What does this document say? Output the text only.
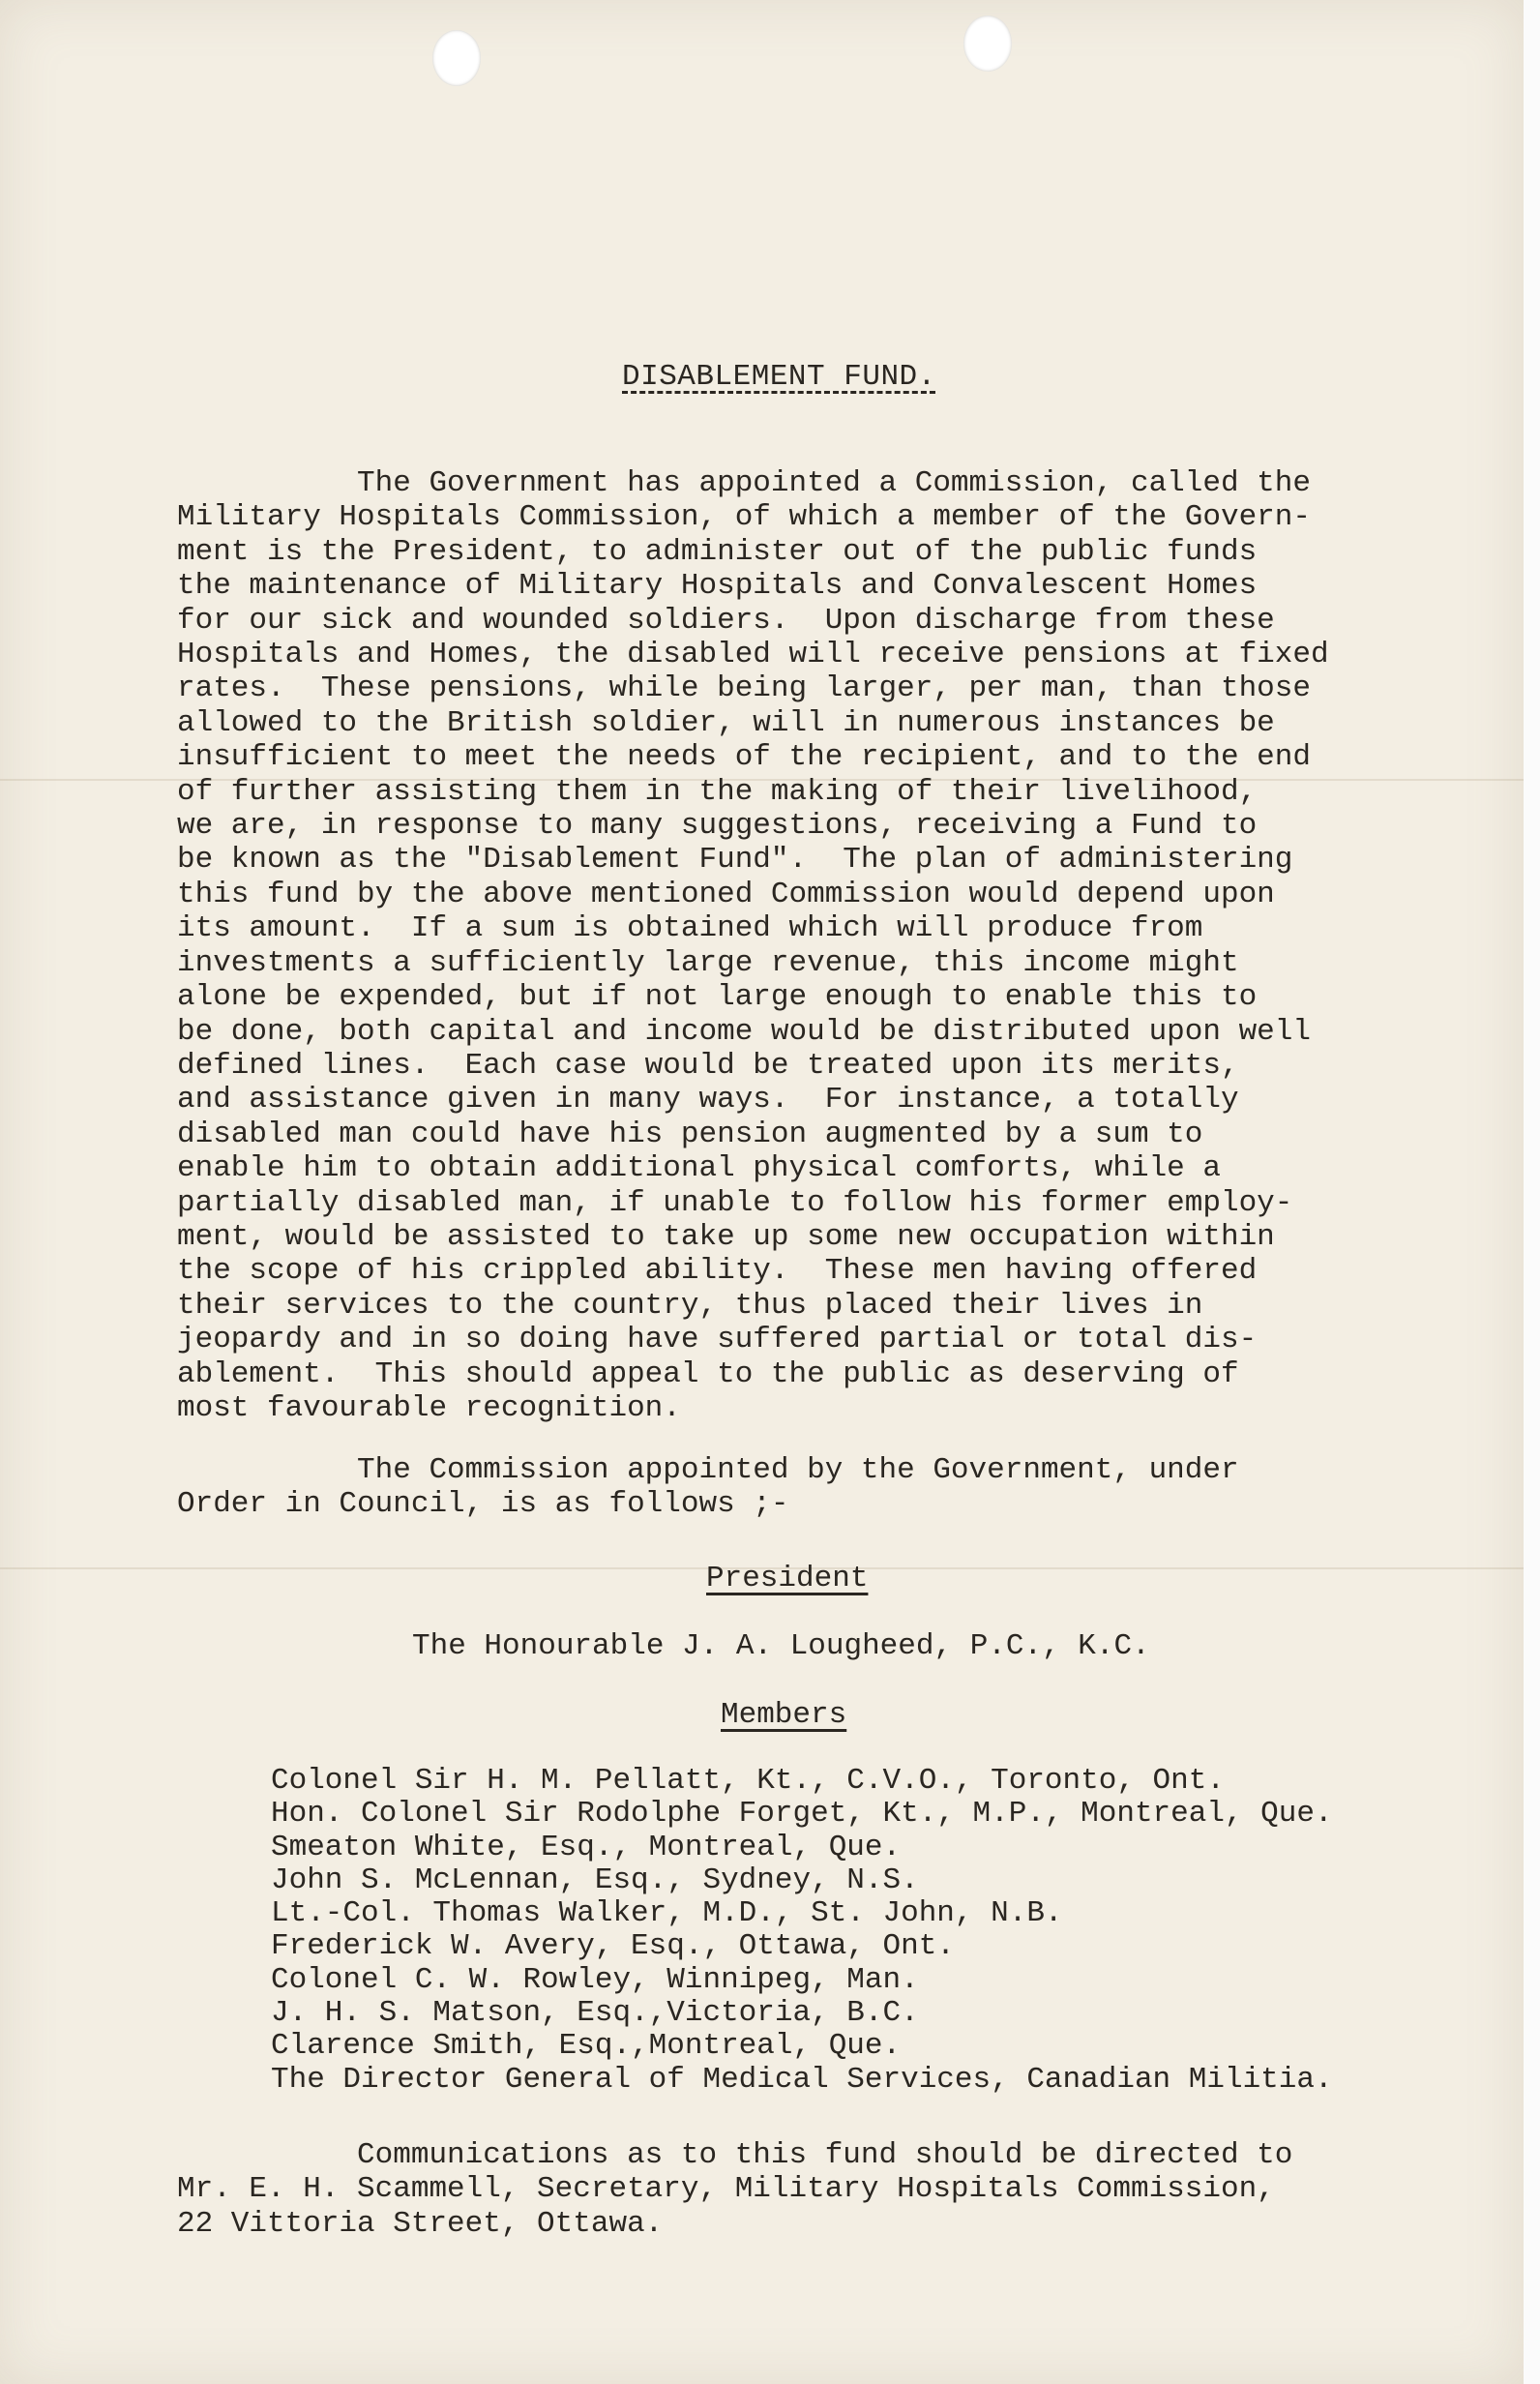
DISABLEMENT FUND.
The Government has appointed a Commission, called the
Military Hospitals Commission, of which a member of the Govern-
ment is the President, to administer out of the public funds
the maintenance of Military Hospitals and Convalescent Homes
for our sick and wounded soldiers.  Upon discharge from these
Hospitals and Homes, the disabled will receive pensions at fixed
rates.  These pensions, while being larger, per man, than those
allowed to the British soldier, will in numerous instances be
insufficient to meet the needs of the recipient, and to the end
of further assisting them in the making of their livelihood,
we are, in response to many suggestions, receiving a Fund to
be known as the "Disablement Fund".  The plan of administering
this fund by the above mentioned Commission would depend upon
its amount.  If a sum is obtained which will produce from
investments a sufficiently large revenue, this income might
alone be expended, but if not large enough to enable this to
be done, both capital and income would be distributed upon well
defined lines.  Each case would be treated upon its merits,
and assistance given in many ways.  For instance, a totally
disabled man could have his pension augmented by a sum to
enable him to obtain additional physical comforts, while a
partially disabled man, if unable to follow his former employ-
ment, would be assisted to take up some new occupation within
the scope of his crippled ability.  These men having offered
their services to the country, thus placed their lives in
jeopardy and in so doing have suffered partial or total dis-
ablement.  This should appeal to the public as deserving of
most favourable recognition.
The Commission appointed by the Government, under
Order in Council, is as follows ;-
President
The Honourable J. A. Lougheed, P.C., K.C.
Members
Colonel Sir H. M. Pellatt, Kt., C.V.O., Toronto, Ont.
Hon. Colonel Sir Rodolphe Forget, Kt., M.P., Montreal, Que.
Smeaton White, Esq., Montreal, Que.
John S. McLennan, Esq., Sydney, N.S.
Lt.-Col. Thomas Walker, M.D., St. John, N.B.
Frederick W. Avery, Esq., Ottawa, Ont.
Colonel C. W. Rowley, Winnipeg, Man.
J. H. S. Matson, Esq.,Victoria, B.C.
Clarence Smith, Esq.,Montreal, Que.
The Director General of Medical Services, Canadian Militia.
Communications as to this fund should be directed to
Mr. E. H. Scammell, Secretary, Military Hospitals Commission,
22 Vittoria Street, Ottawa.
